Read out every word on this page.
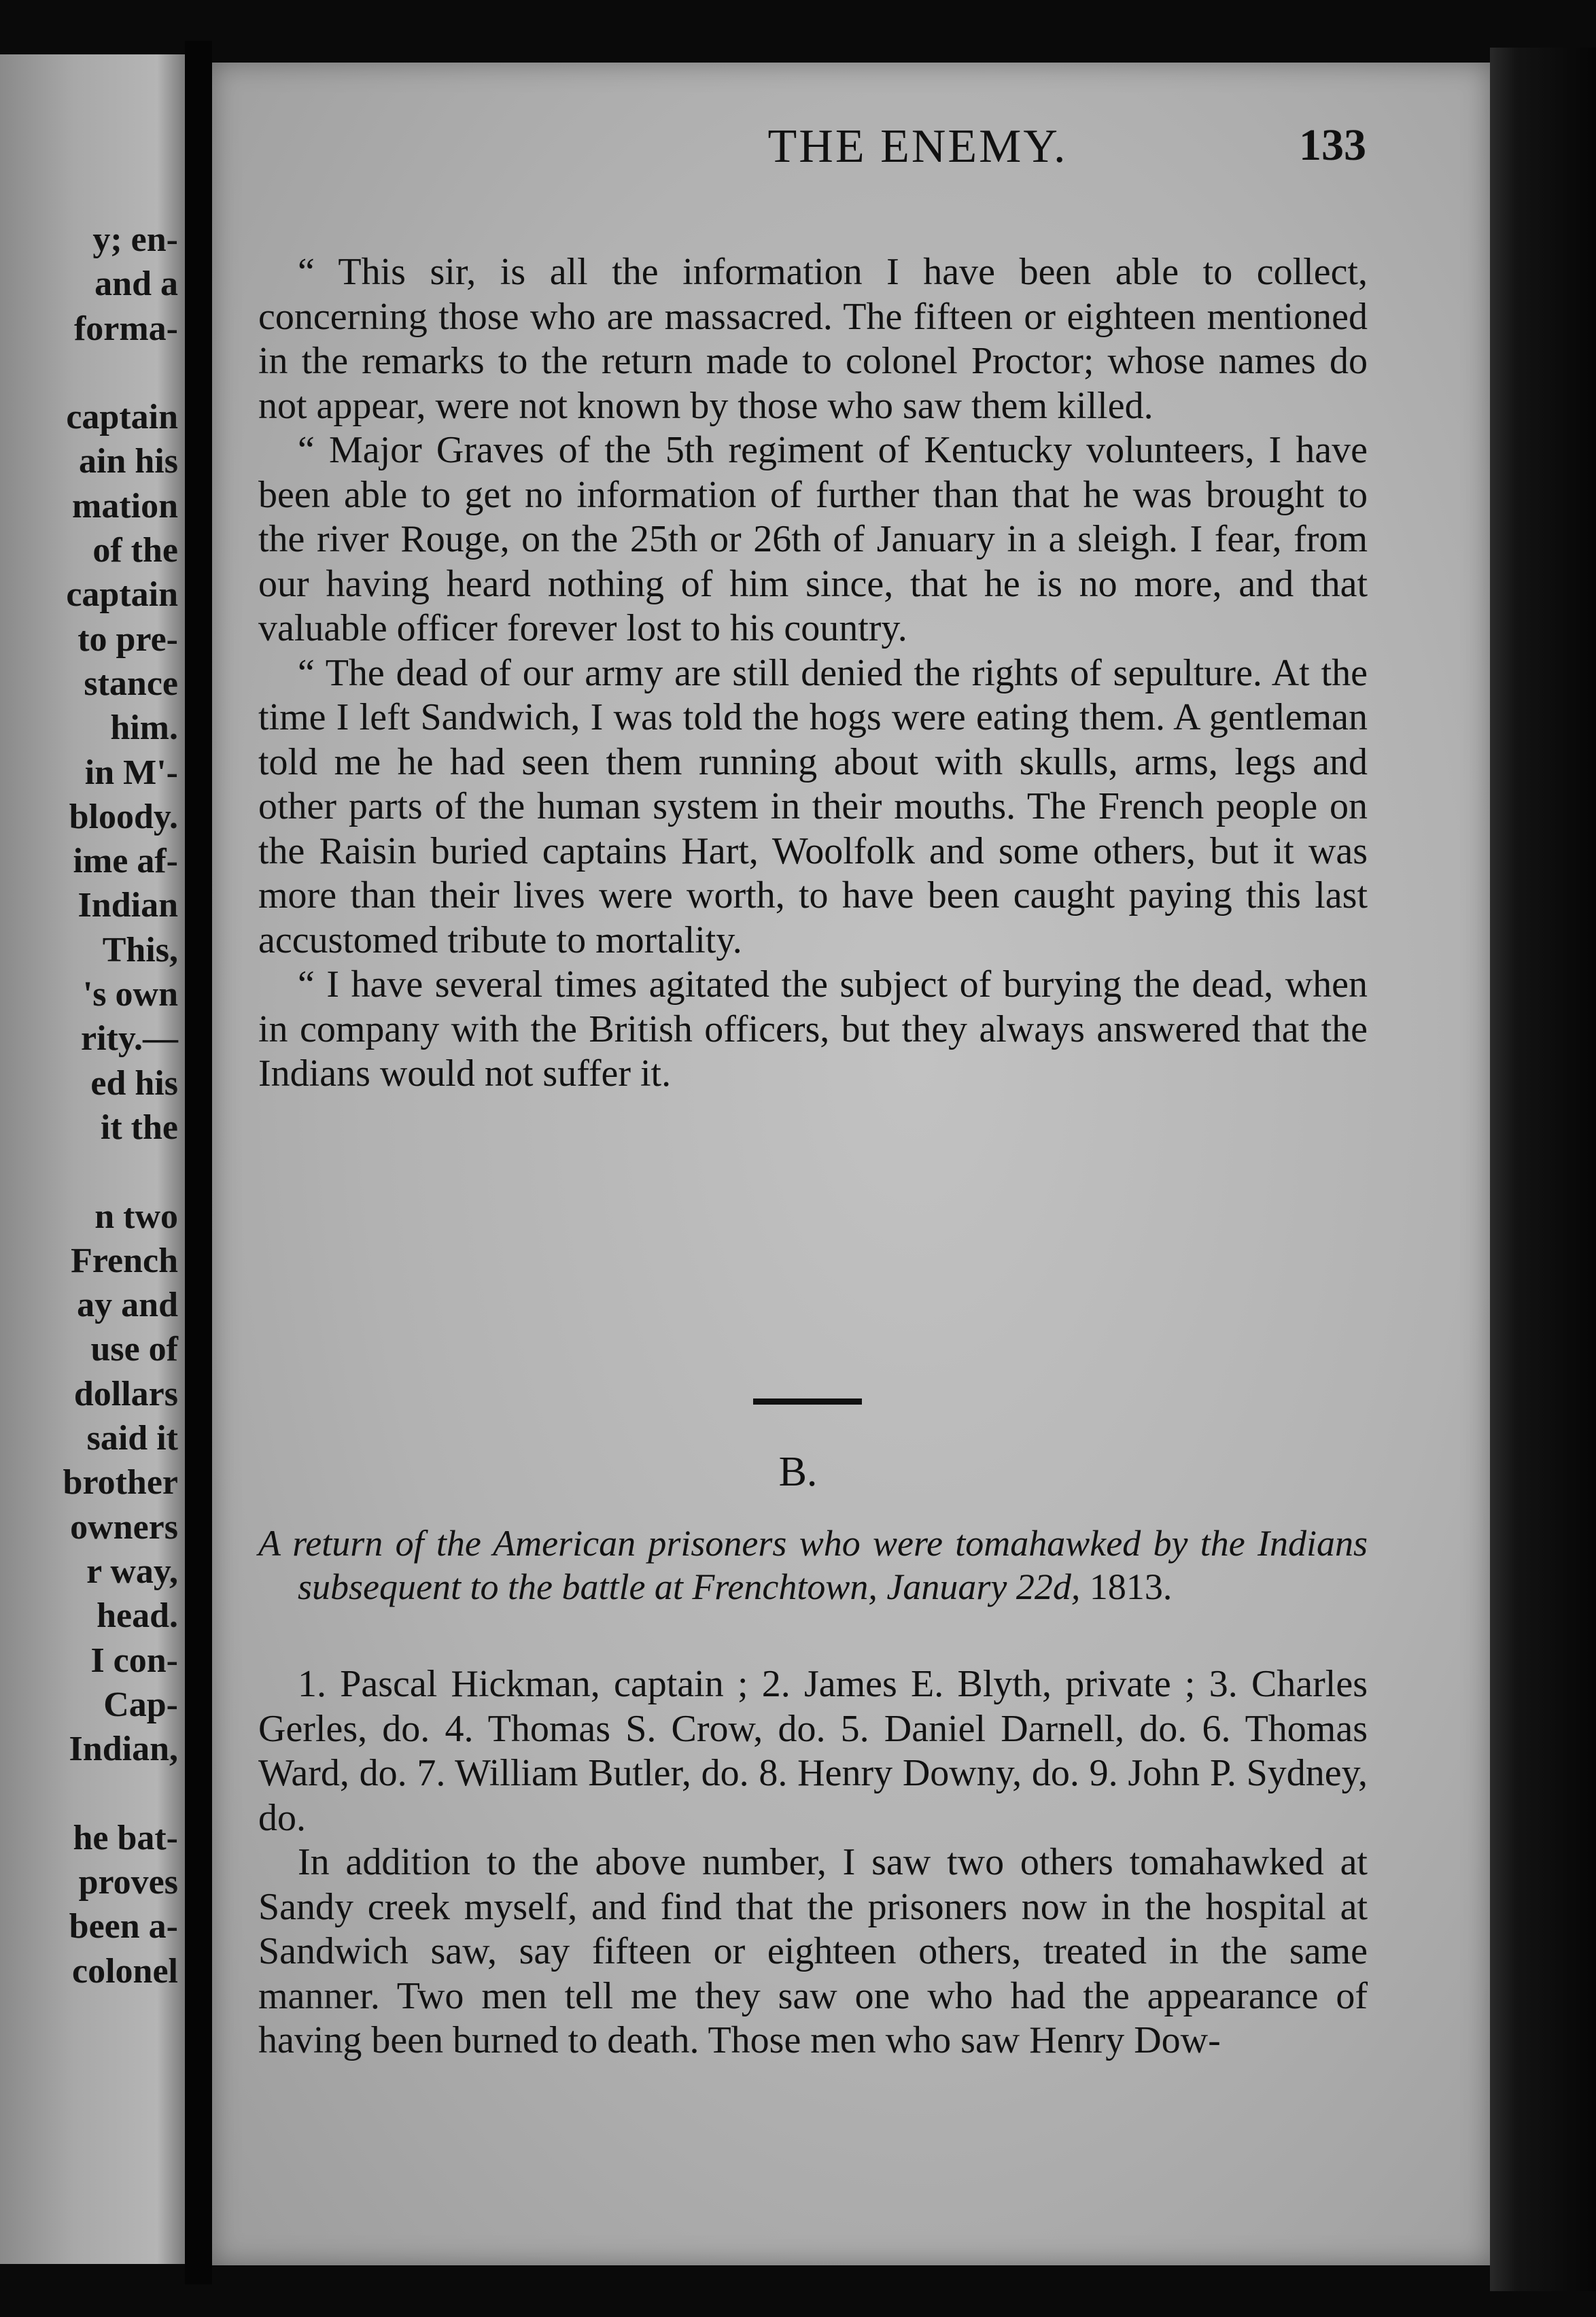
y; en-
and a
forma-
captain
ain his
mation
of the
captain
to pre-
stance
him.
in M'-
bloody.
ime af-
Indian
This,
's own
rity.—
ed his
it the
n two
French
ay and
use of
dollars
said it
brother
owners
r way,
head.
I con-
Cap-
Indian,
he bat-
proves
been a-
colonel
THE ENEMY.	133

“ This sir, is all the information I have been able to collect, concerning those who are massacred. The fifteen or eighteen mentioned in the remarks to the return made to colonel Proctor; whose names do not appear, were not known by those who saw them killed.

“ Major Graves of the 5th regiment of Kentucky volunteers, I have been able to get no information of further than that he was brought to the river Rouge, on the 25th or 26th of January in a sleigh. I fear, from our having heard nothing of him since, that he is no more, and that valuable officer forever lost to his country.

“ The dead of our army are still denied the rights of sepulture. At the time I left Sandwich, I was told the hogs were eating them. A gentleman told me he had seen them running about with skulls, arms, legs and other parts of the human system in their mouths. The French people on the Raisin buried captains Hart, Woolfolk and some others, but it was more than their lives were worth, to have been caught paying this last accustomed tribute to mortality.

“ I have several times agitated the subject of burying the dead, when in company with the British officers, but they always answered that the Indians would not suffer it.

B.
A return of the American prisoners who were tomahawked by the Indians subsequent to the battle at Frenchtown, January 22d, 1813.

1. Pascal Hickman, captain ; 2. James E. Blyth, private ; 3. Charles Gerles, do. 4. Thomas S. Crow, do. 5. Daniel Darnell, do. 6. Thomas Ward, do. 7. William Butler, do. 8. Henry Downy, do. 9. John P. Sydney, do.

In addition to the above number, I saw two others tomahawked at Sandy creek myself, and find that the prisoners now in the hospital at Sandwich saw, say fifteen or eighteen others, treated in the same manner. Two men tell me they saw one who had the appearance of having been burned to death. Those men who saw Henry Dow-
